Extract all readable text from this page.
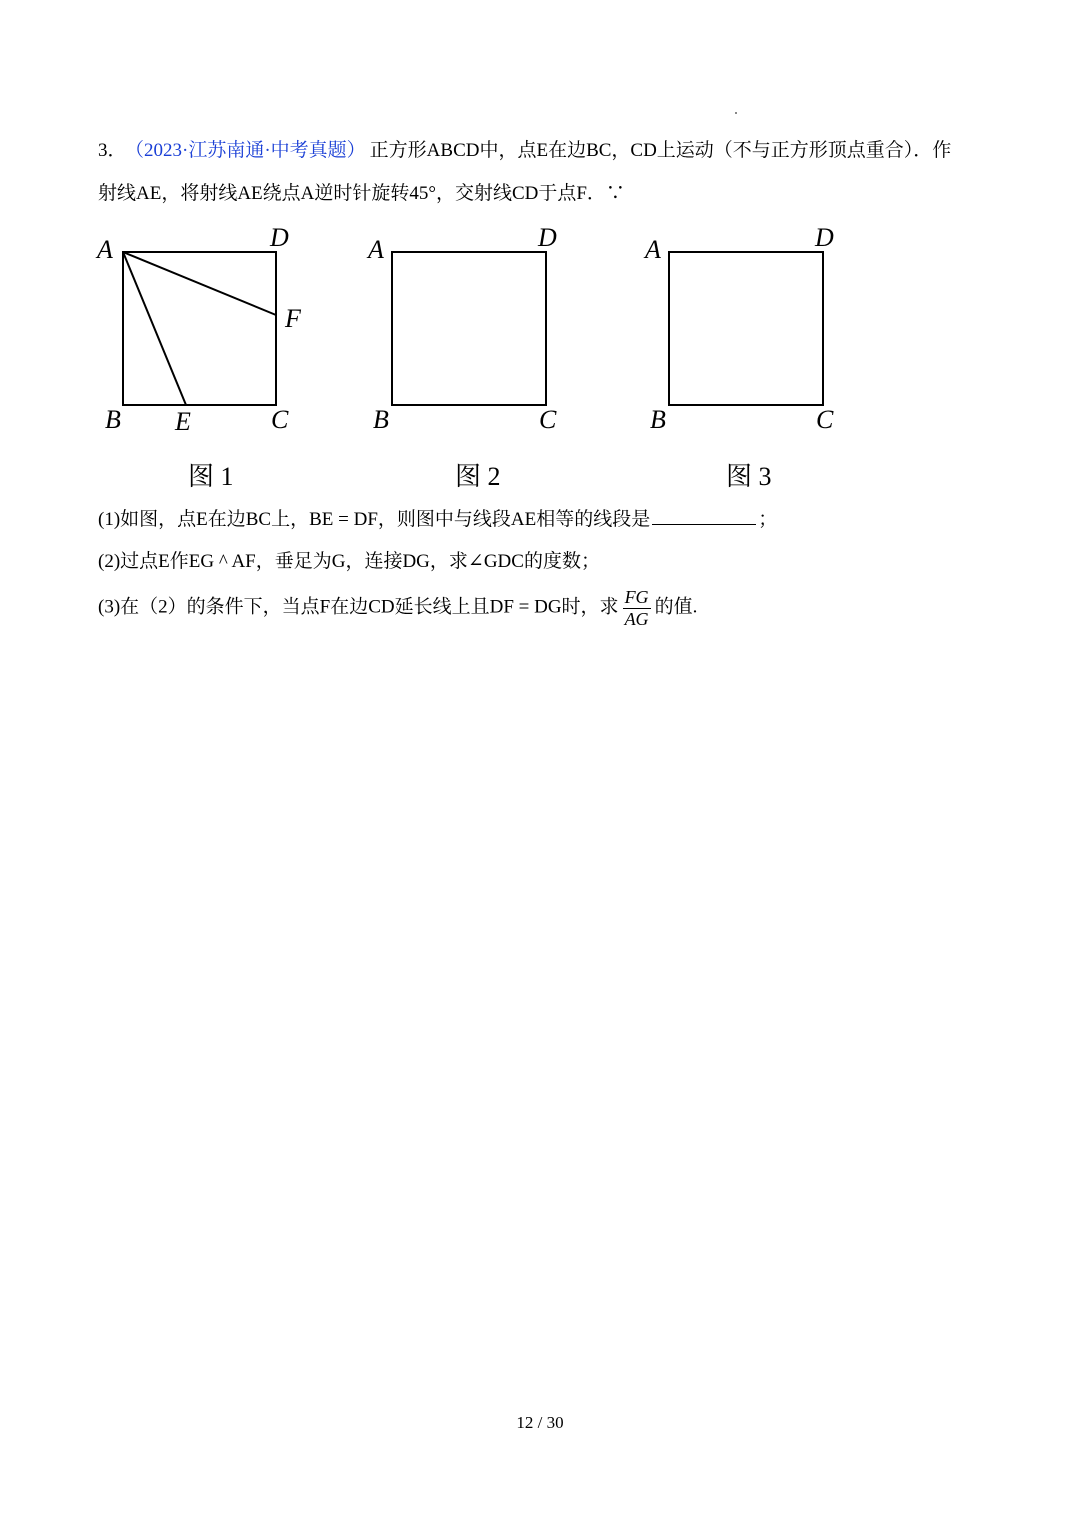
3． （2023·江苏南通·中考真题） 正方形ABCD中，点E在边BC，CD上运动（不与正方形顶点重合）．作
射线AE，将射线AE绕点A逆时针旋转45°，交射线CD于点F．∵
A	D
F
B E	C
图 1
A	D
B	C
图 2
A	D
B	C
图 3
(1)如图，点E在边BC上，BE = DF，则图中与线段AE相等的线段是	；
(2)过点E作EG ^ AF，垂足为G，连接DG，求∠GDC的度数；
(3)在（2）的条件下，当点F在边CD延长线上且DF = DG时，求 $\frac{FG}{AG}$ 的值.
12 / 30
